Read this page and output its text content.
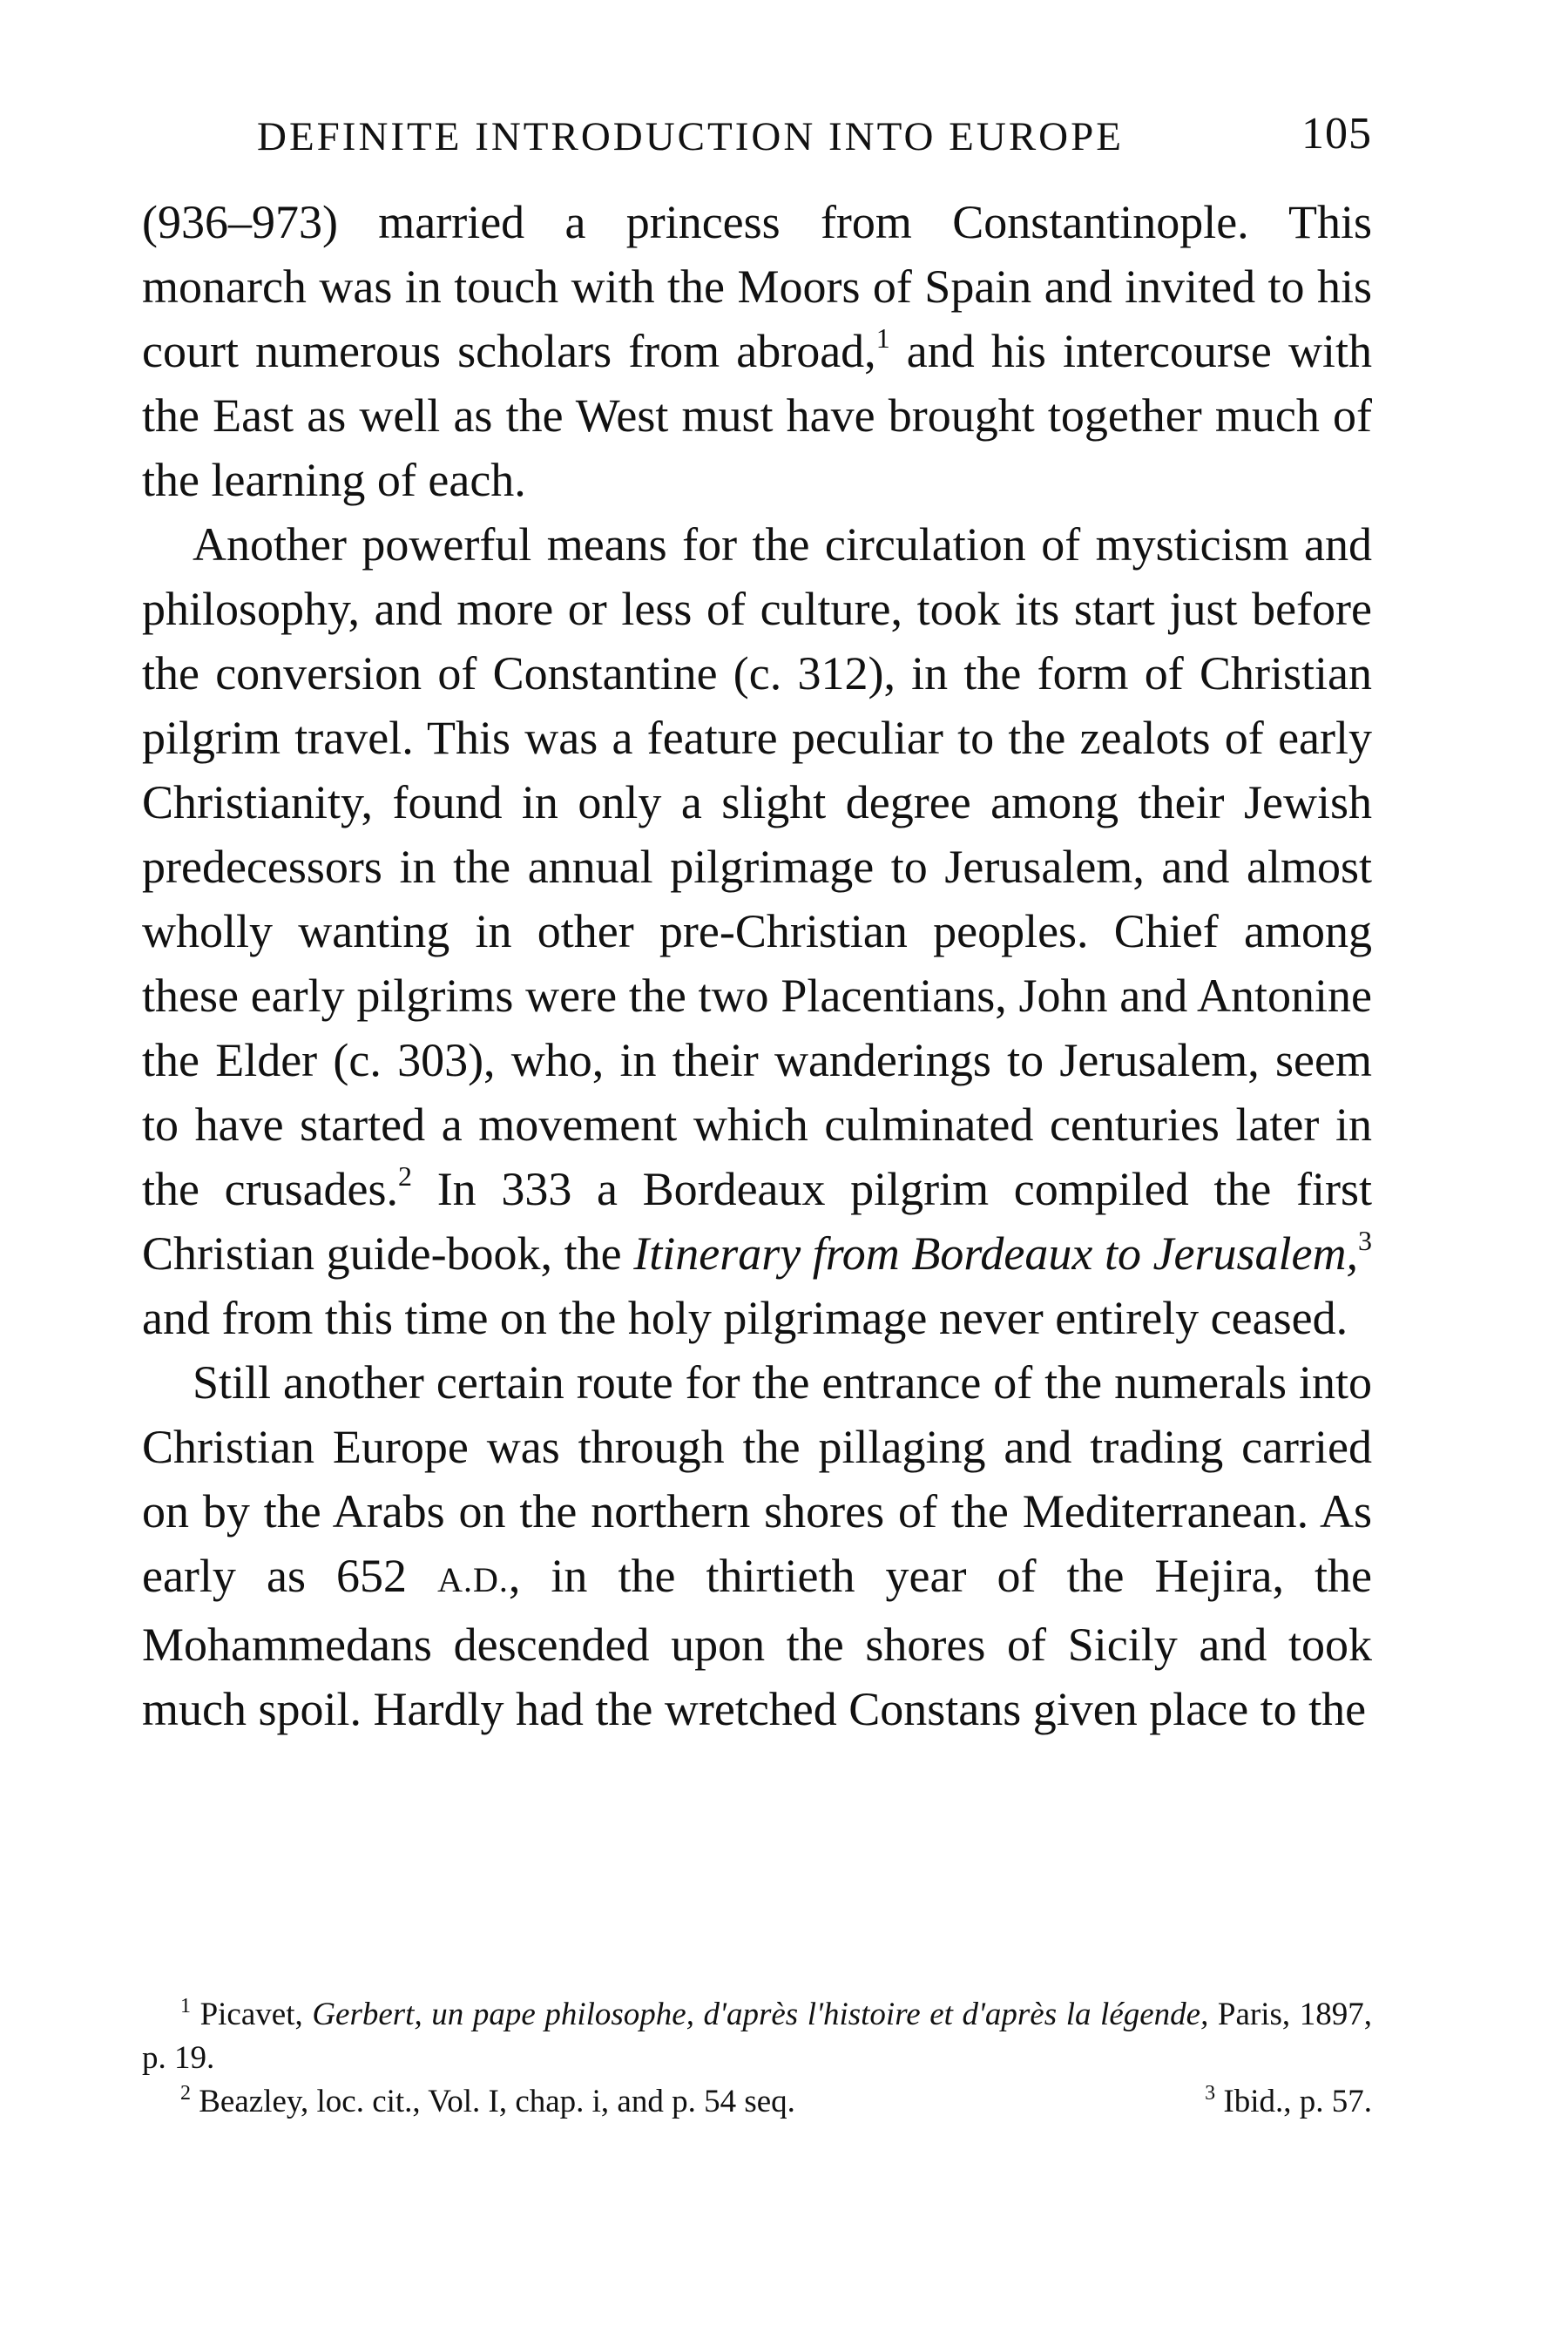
DEFINITE INTRODUCTION INTO EUROPE	105

(936–973) married a princess from Constantinople. This monarch was in touch with the Moors of Spain and invited to his court numerous scholars from abroad,$^1$ and his intercourse with the East as well as the West must have brought together much of the learning of each.

Another powerful means for the circulation of mysticism and philosophy, and more or less of culture, took its start just before the conversion of Constantine (c. 312), in the form of Christian pilgrim travel. This was a feature peculiar to the zealots of early Christianity, found in only a slight degree among their Jewish predecessors in the annual pilgrimage to Jerusalem, and almost wholly wanting in other pre-Christian peoples. Chief among these early pilgrims were the two Placentians, John and Antonine the Elder (c. 303), who, in their wanderings to Jerusalem, seem to have started a movement which culminated centuries later in the crusades.$^2$ In 333 a Bordeaux pilgrim compiled the first Christian guide-book, the Itinerary from Bordeaux to Jerusalem,$^3$ and from this time on the holy pilgrimage never entirely ceased.

Still another certain route for the entrance of the numerals into Christian Europe was through the pillaging and trading carried on by the Arabs on the northern shores of the Mediterranean. As early as 652 A.D., in the thirtieth year of the Hejira, the Mohammedans descended upon the shores of Sicily and took much spoil. Hardly had the wretched Constans given place to the

$^1$ Picavet, Gerbert, un pape philosophe, d'après l'histoire et d'après la légende, Paris, 1897, p. 19.

$^2$ Beazley, loc. cit., Vol. I, chap. i, and p. 54 seq.	$^3$ Ibid., p. 57.
